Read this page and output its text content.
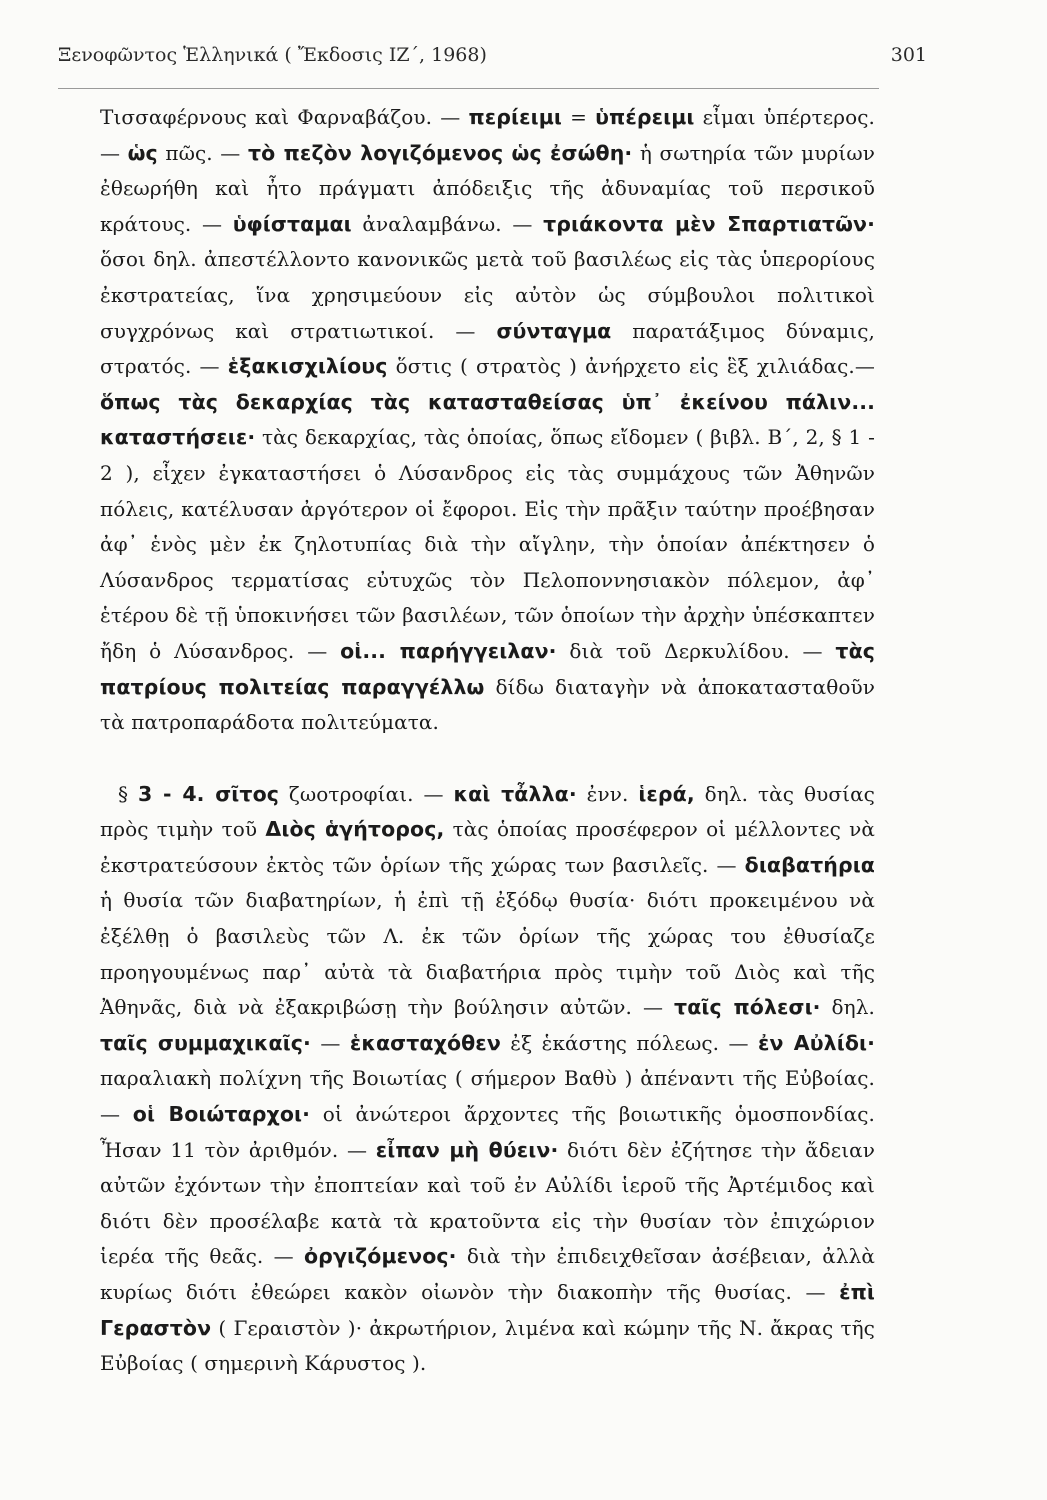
Ξενοφῶντος Ἑλληνικά ( Ἔκδοσις ΙΖ΄, 1968)	301

Τισσαφέρνους καὶ Φαρναβάζου. — περίειμι = ὑπέρειμι εἶμαι ὑπέρτερος. — ὡς πῶς. — τὸ πεζὸν λογιζόμενος ὡς ἐσώθη· ἡ σωτηρία τῶν μυρίων ἐθεωρήθη καὶ ἦτο πράγματι ἀπόδειξις τῆς ἀδυναμίας τοῦ περσικοῦ κράτους. — ὑφίσταμαι ἀναλαμβάνω. — τριάκοντα μὲν Σπαρτιατῶν· ὅσοι δηλ. ἀπεστέλλοντο κανονικῶς μετὰ τοῦ βασιλέως εἰς τὰς ὑπερορίους ἐκστρατείας, ἵνα χρησιμεύουν εἰς αὐτὸν ὡς σύμβουλοι πολιτικοὶ συγχρόνως καὶ στρατιωτικοί. — σύνταγμα παρατάξιμος δύναμις, στρατός. — ἑξακισχιλίους ὅστις ( στρατὸς ) ἀνήρχετο εἰς ἓξ χιλιάδας.— ὅπως τὰς δεκαρχίας τὰς κατασταθείσας ὑπ᾽ ἐκείνου πάλιν... καταστήσειε· τὰς δεκαρχίας, τὰς ὁποίας, ὅπως εἴδομεν ( βιβλ. Β΄, 2, § 1 - 2 ), εἶχεν ἐγκαταστήσει ὁ Λύσανδρος εἰς τὰς συμμάχους τῶν Ἀθηνῶν πόλεις, κατέλυσαν ἀργότερον οἱ ἔφοροι. Εἰς τὴν πρᾶξιν ταύτην προέβησαν ἀφ᾽ ἑνὸς μὲν ἐκ ζηλοτυπίας διὰ τὴν αἴγλην, τὴν ὁποίαν ἀπέκτησεν ὁ Λύσανδρος τερματίσας εὐτυχῶς τὸν Πελοποννησιακὸν πόλεμον, ἀφ᾽ ἑτέρου δὲ τῇ ὑποκινήσει τῶν βασιλέων, τῶν ὁποίων τὴν ἀρχὴν ὑπέσκαπτεν ἤδη ὁ Λύσανδρος. — οἱ... παρήγγειλαν· διὰ τοῦ Δερκυλίδου. — τὰς πατρίους πολιτείας παραγγέλλω δίδω διαταγὴν νὰ ἀποκατασταθοῦν τὰ πατροπαράδοτα πολιτεύματα.

§ 3 - 4. σῖτος ζωοτροφίαι. — καὶ τἆλλα· ἐνν. ἱερά, δηλ. τὰς θυσίας πρὸς τιμὴν τοῦ Διὸς ἁγήτορος, τὰς ὁποίας προσέφερον οἱ μέλλοντες νὰ ἐκστρατεύσουν ἐκτὸς τῶν ὁρίων τῆς χώρας των βασιλεῖς. — διαβατήρια ἡ θυσία τῶν διαβατηρίων, ἡ ἐπὶ τῇ ἐξόδῳ θυσία· διότι προκειμένου νὰ ἐξέλθῃ ὁ βασιλεὺς τῶν Λ. ἐκ τῶν ὁρίων τῆς χώρας του ἐθυσίαζε προηγουμένως παρ᾽ αὐτὰ τὰ διαβατήρια πρὸς τιμὴν τοῦ Διὸς καὶ τῆς Ἀθηνᾶς, διὰ νὰ ἐξακριβώσῃ τὴν βούλησιν αὐτῶν. — ταῖς πόλεσι· δηλ. ταῖς συμμαχικαῖς· — ἑκασταχόθεν ἐξ ἑκάστης πόλεως. — ἐν Αὐλίδι· παραλιακὴ πολίχνη τῆς Βοιωτίας ( σήμερον Βαθὺ ) ἀπέναντι τῆς Εὐβοίας. — οἱ Βοιώταρχοι· οἱ ἀνώτεροι ἄρχοντες τῆς βοιωτικῆς ὁμοσπονδίας. Ἦσαν 11 τὸν ἀριθμόν. — εἶπαν μὴ θύειν· διότι δὲν ἐζήτησε τὴν ἄδειαν αὐτῶν ἐχόντων τὴν ἐποπτείαν καὶ τοῦ ἐν Αὐλίδι ἱεροῦ τῆς Ἀρτέμιδος καὶ διότι δὲν προσέλαβε κατὰ τὰ κρατοῦντα εἰς τὴν θυσίαν τὸν ἐπιχώριον ἱερέα τῆς θεᾶς. — ὀργιζόμενος· διὰ τὴν ἐπιδειχθεῖσαν ἀσέβειαν, ἀλλὰ κυρίως διότι ἐθεώρει κακὸν οἰωνὸν τὴν διακοπὴν τῆς θυσίας. — ἐπὶ Γεραστὸν ( Γεραιστὸν )· ἀκρωτήριον, λιμένα καὶ κώμην τῆς Ν. ἄκρας τῆς Εὐβοίας ( σημερινὴ Κάρυστος ).
